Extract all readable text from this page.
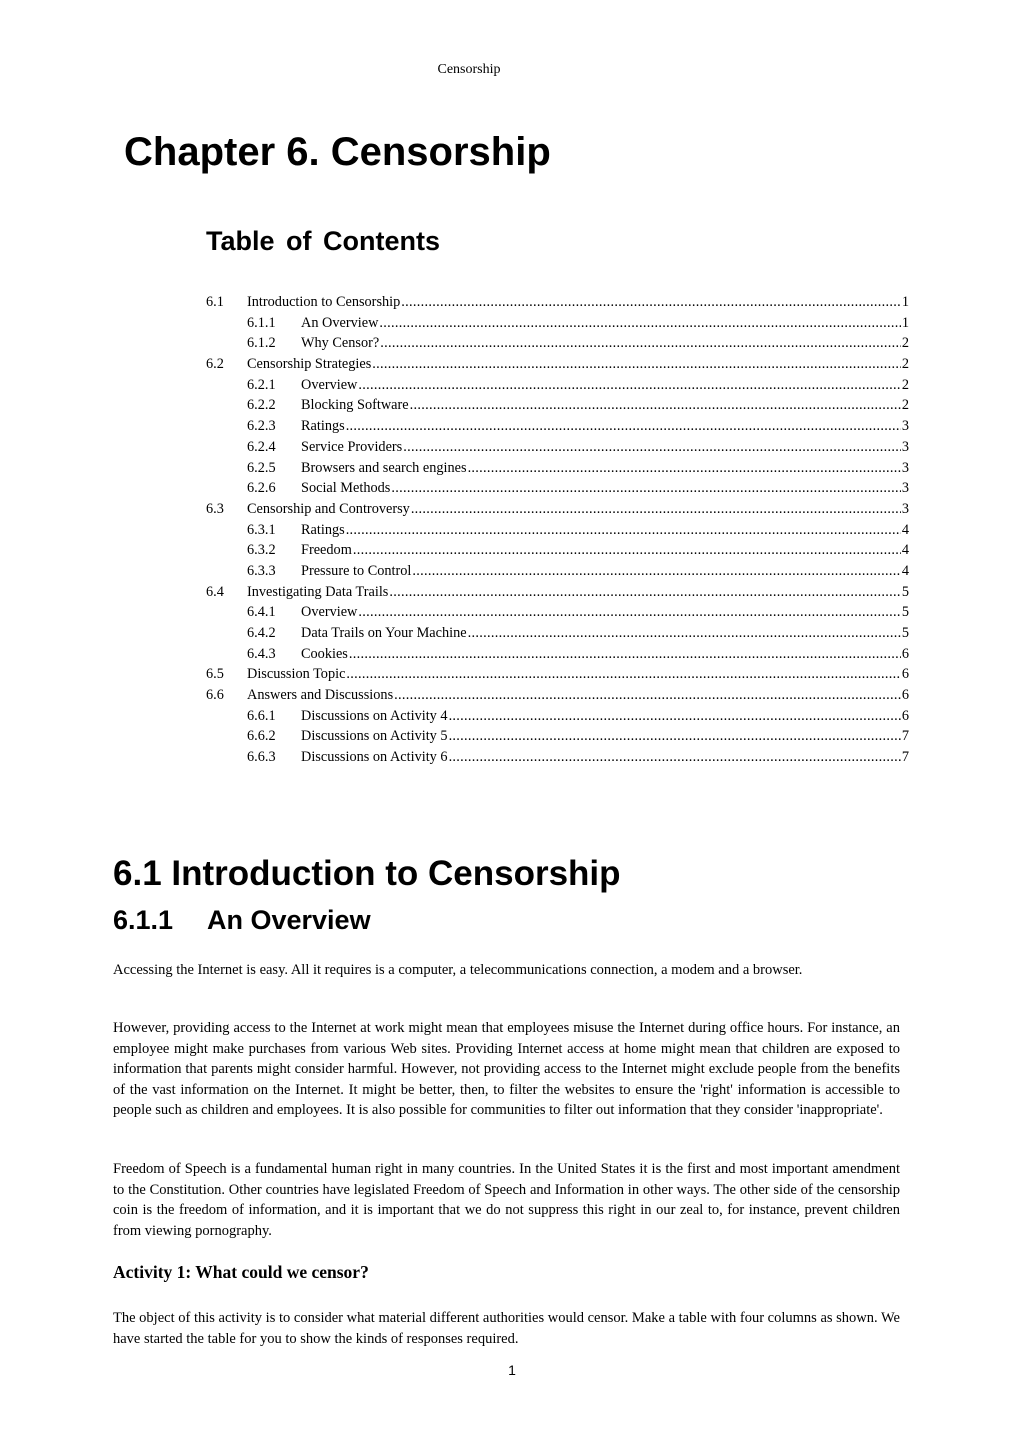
Censorship
Chapter 6. Censorship
Table of Contents
6.1	Introduction to Censorship .....	1
6.1.1	An Overview .....	1
6.1.2	Why Censor? .....	2
6.2	Censorship Strategies .....	2
6.2.1	Overview .....	2
6.2.2	Blocking Software .....	2
6.2.3	Ratings .....	3
6.2.4	Service Providers .....	3
6.2.5	Browsers and search engines .....	3
6.2.6	Social Methods .....	3
6.3	Censorship and Controversy .....	3
6.3.1	Ratings .....	4
6.3.2	Freedom .....	4
6.3.3	Pressure to Control .....	4
6.4	Investigating Data Trails .....	5
6.4.1	Overview .....	5
6.4.2	Data Trails on Your Machine .....	5
6.4.3	Cookies .....	6
6.5	Discussion Topic .....	6
6.6	Answers and Discussions .....	6
6.6.1	Discussions on Activity 4 .....	6
6.6.2	Discussions on Activity 5 .....	7
6.6.3	Discussions on Activity 6 .....	7
6.1 Introduction to Censorship
6.1.1 An Overview

Accessing the Internet is easy. All it requires is a computer, a telecommunications connection, a modem and a browser.

However, providing access to the Internet at work might mean that employees misuse the Internet during office hours. For instance, an employee might make purchases from various Web sites. Providing Internet access at home might mean that children are exposed to information that parents might consider harmful. However, not providing access to the Internet might exclude people from the benefits of the vast information on the Internet. It might be better, then, to filter the websites to ensure the 'right' information is accessible to people such as children and employees. It is also possible for communities to filter out information that they consider 'inappropriate'.

Freedom of Speech is a fundamental human right in many countries. In the United States it is the first and most important amendment to the Constitution. Other countries have legislated Freedom of Speech and Information in other ways. The other side of the censorship coin is the freedom of information, and it is important that we do not suppress this right in our zeal to, for instance, prevent children from viewing pornography.

Activity 1: What could we censor?

The object of this activity is to consider what material different authorities would censor. Make a table with four columns as shown. We have started the table for you to show the kinds of responses required.

1
